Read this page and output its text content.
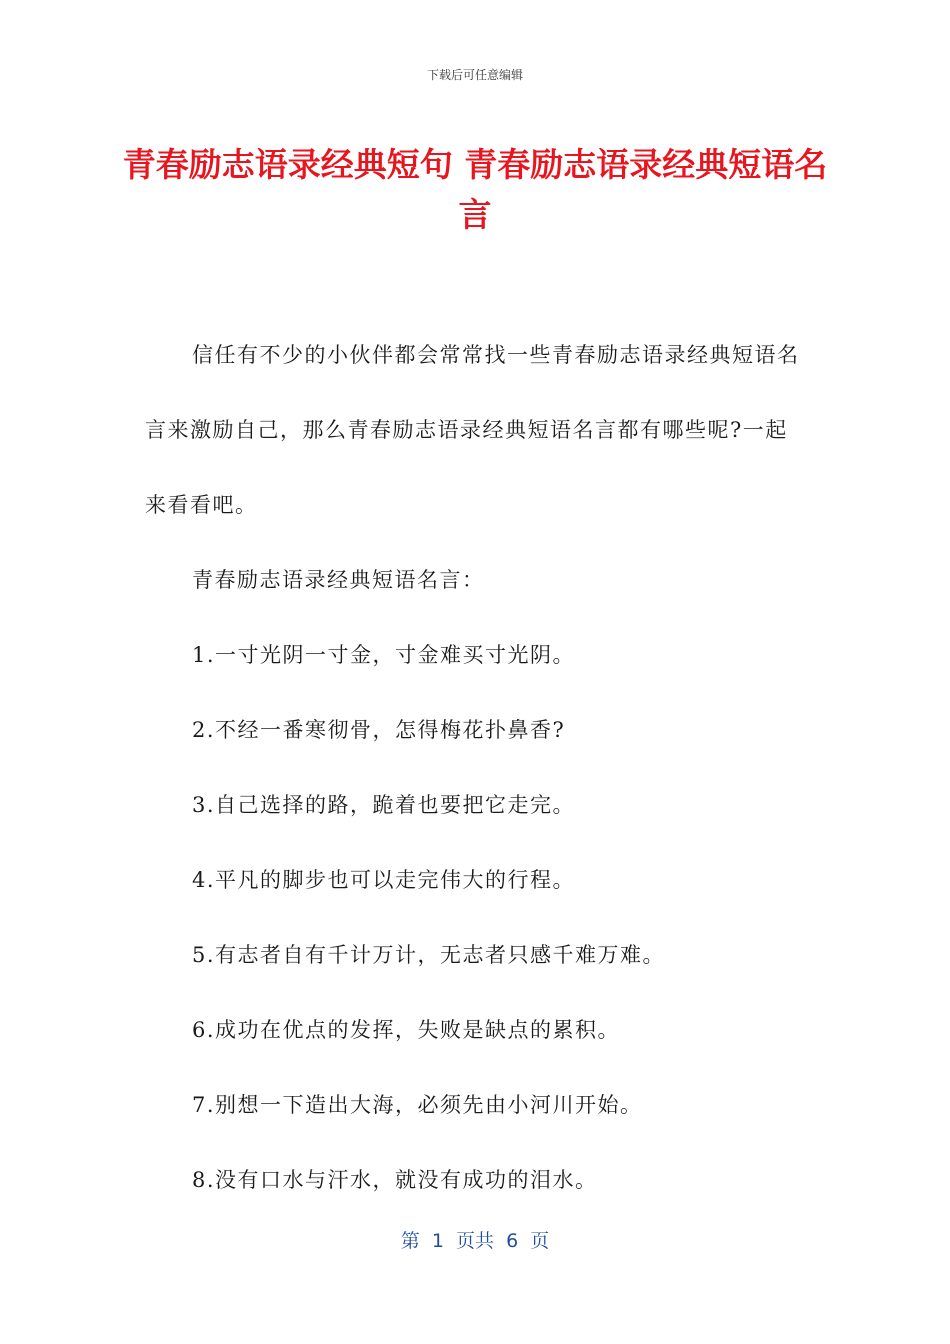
下载后可任意编辑
青春励志语录经典短句 青春励志语录经典短语名言

信任有不少的小伙伴都会常常找一些青春励志语录经典短语名言来激励自己，那么青春励志语录经典短语名言都有哪些呢?一起来看看吧。

青春励志语录经典短语名言：

1.一寸光阴一寸金，寸金难买寸光阴。

2.不经一番寒彻骨，怎得梅花扑鼻香?

3.自己选择的路，跪着也要把它走完。

4.平凡的脚步也可以走完伟大的行程。

5.有志者自有千计万计，无志者只感千难万难。

6.成功在优点的发挥，失败是缺点的累积。

7.别想一下造出大海，必须先由小河川开始。

8.没有口水与汗水，就没有成功的泪水。

第  1  页共  6  页
